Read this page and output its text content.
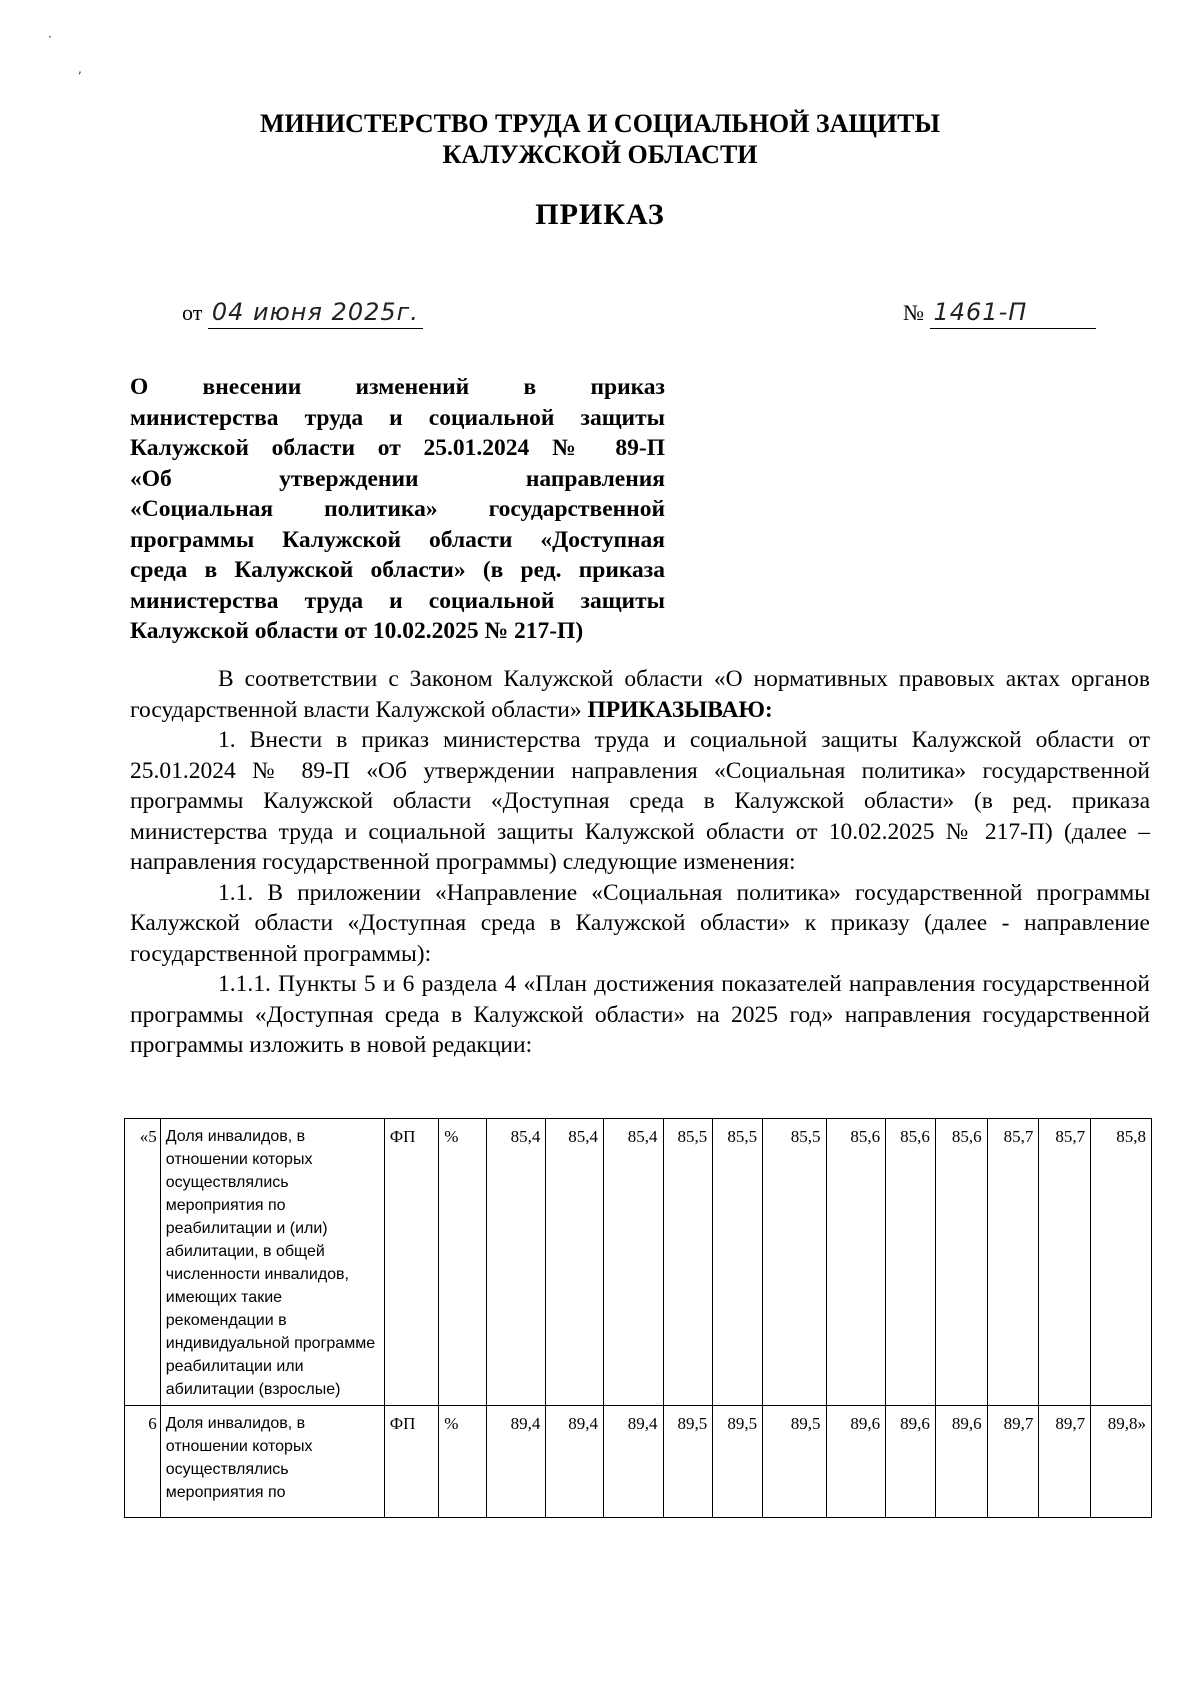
·
,
МИНИСТЕРСТВО ТРУДА И СОЦИАЛЬНОЙ ЗАЩИТЫ
КАЛУЖСКОЙ ОБЛАСТИ
ПРИКАЗ
от 04 июня 2025г.	№ 1461-П
О внесении изменений в приказ
министерства труда и социальной защиты
Калужской области от 25.01.2024 № 89-П
«Об утверждении направления
«Социальная политика» государственной
программы Калужской области «Доступная
среда в Калужской области» (в ред. приказа
министерства труда и социальной защиты
Калужской области от 10.02.2025 № 217-П)

В соответствии с Законом Калужской области «О нормативных правовых актах органов государственной власти Калужской области» ПРИКАЗЫВАЮ:

1. Внести в приказ министерства труда и социальной защиты Калужской области от 25.01.2024 № 89-П «Об утверждении направления «Социальная политика» государственной программы Калужской области «Доступная среда в Калужской области» (в ред. приказа министерства труда и социальной защиты Калужской области от 10.02.2025 № 217-П) (далее – направления государственной программы) следующие изменения:

1.1. В приложении «Направление «Социальная политика» государственной программы Калужской области «Доступная среда в Калужской области» к приказу (далее - направление государственной программы):

1.1.1. Пункты 5 и 6 раздела 4 «План достижения показателей направления государственной программы «Доступная среда в Калужской области» на 2025 год» направления государственной программы изложить в новой редакции:

«5	Доля инвалидов, в отношении которых осуществлялись мероприятия по реабилитации и (или) абилитации, в общей численности инвалидов, имеющих такие рекомендации в индивидуальной программе реабилитации или абилитации (взрослые)	ФП	%	85,4	85,4	85,4	85,5	85,5	85,5	85,6	85,6	85,6	85,7	85,7	85,8
6	Доля инвалидов, в отношении которых осуществлялись мероприятия по	ФП	%	89,4	89,4	89,4	89,5	89,5	89,5	89,6	89,6	89,6	89,7	89,7	89,8»
